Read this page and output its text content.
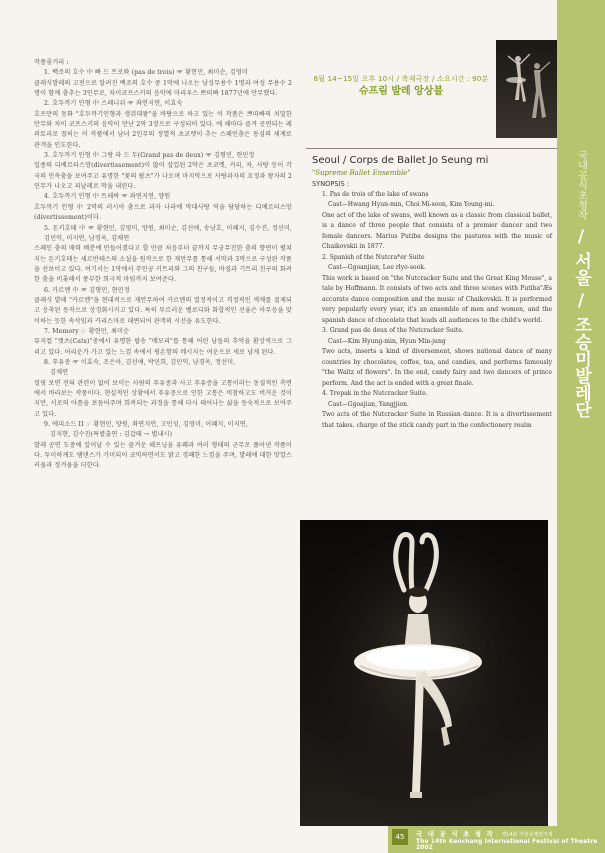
작품줄거리 :

1. 백조의 호수 中 빠 드 트로와 (pas de trois) ☞ 황현민, 최미순, 김영미

클래식발레의 고전으로 알려진 백조의 호수 중 1막에 나오는 남성무용수 1명과 여성 무용수 2명이 함께 춤추는 3인무로, 차이코프스키의 음악에 마리우스 쁘띠빠 1877년에 안무했다.

2. 호두까기 인형 中 스페니쉬 ☞ 좌연지연, 이효숙

호프만의 동화 "호두까기인형과 생쥐대왕"을 바탕으로 하고 있는 이 작품은 쁘띠빠의 치밀한 안무와 차이 코프스키의 음악이 만난 2막 3장으로 구성되어 있다. 에 해마다 즐겨 공연되는 레퍼토리로 꼽히는 이 작품에서 남녀 2인무의 정열적 초코렛이 추는 스페인춤은 동심의 세계로 관객을 인도한다.

3. 호두까기 인형 中 그랑 파 드 두(Grand pas de deux) ☞ 김형민, 현민정

일종의 디베르티스망(divertissement)이 많이 삽입된 2막은 초코렛, 커피, 차, 사탕 등이 각국의 민속춤을 보여주고 유명한 "꽃의 왈츠"가 나오며 마지막으로 사탕과자의 요정과 왕자의 2인무가 나오고 피날레로 막을 내린다.

4. 호두까기 인형 中 트레팍 ☞ 좌연지연, 양원

호두까기 인형 中 2막의 러시아 춤으로 과자 나라에 막대사탕 역을 담당하는 디베르티스망(divertissement)이다.

5. 돈키호테 中 ☞ 황현민, 김영미, 양원, 최미순, 김선애, 송남호, 이혜지, 김수진, 정선미, 김민익, 이지연, 남경옥, 김채연

스페인 춤의 매력 배분에 만들어졌다고 할 만큼 처음부터 끝까지 무궁무진한 춤의 향연이 펼쳐지는 돈키호테는 세르반테스의 소설을 원작으로 한 재만무를 통해 서막과 3막으로 구성된 작품을 선보이고 있다. 여기서는 1막에서 주인공 키트리와 그의 친구들, 바질과 기트리 친구의 화려한 춤을 비롯해서 풍부한 희극적 마임까지 보여준다.

6. 카르멘 中 ☞ 김형민, 현민정

클래식 발레 "카르멘"을 현대적으로 재안무하여 카르멘의 열정적이고 격정적인 색채를 절제되고 응축된 동작으로 상징화시키고 있다. 특히 투르러운 벨로디와 화합적인 선율은 아무응을 맞이하는 듯한 속삭임과 카리스마로 대변되어 관객의 시선을 유도한다.

7. Memory ☞ 황현민, 최미순

뮤지컬 "캣츠(Cats)"중에서 유명한 팝송 "메모리"를 통해 어린 남들의 추억을 환상적으로 그리고 있다. 어리운가 가고 있는 느낌 속에서 평온함의 메시지는 여운으로 새로 남게 된다.

8. 푸유중 ☞ 이효숙, 조은아, 김선애, 박민희, 김민익, 남경옥, 정선미,

김채연

얼핏 보면 전혀 관련이 없어 보이는 사람의 푸유중과 사고 푸유증을 고통이라는 동질적인 측면에서 바라보는 작품이다. 현실적인 상황에서 푸유중으로 인한 고통은 비참하고도 버거운 것이지만, 서로의 아픔을 보듬어주며 희복되는 과정을 통해 다시 태어나는 삶을 동숙적으로 보여주고 있다.

9. 에피소드 II ☞ 황현민, 양원, 좌연지연, 고민성, 김영미, 이혜지, 이지연,

김지현, 김수진(특별출연 : 김갑태 → 별내시)

발레 공연 도중에 일어날 수 있는 즐겨운 해프닝을 유쾌과 여러 형태의 군무로 풀어낸 작품이다. 투이하게도 탬댄스가 가미되어 코믹하면서도 밝고 경쾌한 느낌을 주며, 발레에 대한 맛깔스러움과 정겨움을 더한다.

8월 14~15일 오후 10시 / 축제극장 / 소요시간 : 90분
슈프림 발레 앙상블

Seoul / Corps de Ballet Jo Seung mi

"Supreme Ballet Ensemble"

SYNOPSIS :

1. Pas de trois of the lake of swans

Cast—Hwang Hyun-min, Choi Mi-soon, Kim Young-mi.

One act of the lake of swans, well known as a classic from classical ballet, is a dance of three people that consists of a premier dancer and two female dancers. Marius Putiba designs the pastures with the music of Chaikovskii in 1877.

2. Spanish of the Nutcra*er Suite

Cast—Ggoanjian, Lee rlyo-sook.

This work is based on "the Nutcracker Suite and the Great King Mouse", a tale by Hoffmann. It consists of two acts and three scenes with Putiba"Æs accurate dance composition and the music of Chaikovskii. It is performed very popularly every year, it's an ensemble of men and women, and the spanish dance of chocolate that leads all audiences to the child's world.

3. Grand pas de deux of the Nutcracker Suite.

Cast—Kim Hyung-min, Hyun Min-jung

Two acts, inserts a kind of diversement, shows national dance of many countries by chocolates, coffee, tea, and candies, and performs famously "the Waltz of flowers". In the end, candy fairy and two dancers of prince perform. And the act is ended with a great finale.

4. Trepak in the Nutcracker Suite.

Cast—Ggoajian, Yangjjion.

Two acts of the Nutcracker Suite in Russian dance. It is a divertissement that takes. charge of the stick candy part in the confectionery realm

국내공식초청작
/
서울
/
조승미발레단
45	국 내 공 식 초 청 작 제14회 거창국제연극제
The 14th Keochang International Festival of Theatre 2002
